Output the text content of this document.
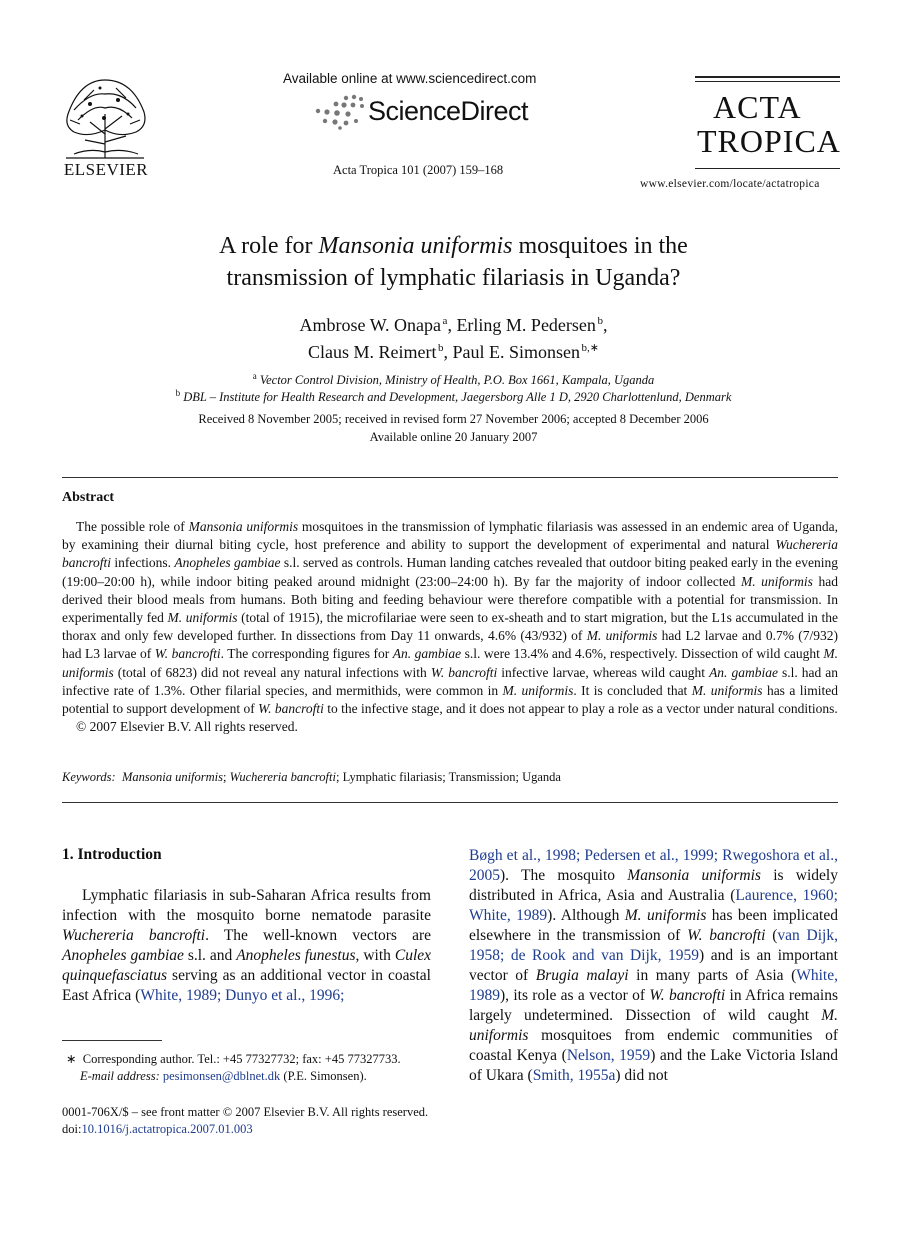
ELSEVIER
Available online at www.sciencedirect.com
ScienceDirect
Acta Tropica 101 (2007) 159–168
ACTA
TROPICA
www.elsevier.com/locate/actatropica
A role for Mansonia uniformis mosquitoes in the
transmission of lymphatic filariasis in Uganda?
Ambrose W. Onapa  $^a$, Erling M. Pedersen  $^b$,
Claus M. Reimert  $^b$, Paul E. Simonsen  $^{b,∗}$
$^a$ Vector Control Division, Ministry of Health, P.O. Box 1661, Kampala, Uganda
$^b$ DBL – Institute for Health Research and Development, Jaegersborg Alle 1 D, 2920 Charlottenlund, Denmark
Received 8 November 2005; received in revised form 27 November 2006; accepted 8 December 2006
Available online 20 January 2007
Abstract

The possible role of Mansonia uniformis mosquitoes in the transmission of lymphatic filariasis was assessed in an endemic area of Uganda, by examining their diurnal biting cycle, host preference and ability to support the development of experimental and natural Wuchereria bancrofti infections. Anopheles gambiae s.l. served as controls. Human landing catches revealed that outdoor biting peaked early in the evening (19:00–20:00 h), while indoor biting peaked around midnight (23:00–24:00 h). By far the majority of indoor collected M. uniformis had derived their blood meals from humans. Both biting and feeding behaviour were therefore compatible with a potential for transmission. In experimentally fed M. uniformis (total of 1915), the microfilariae were seen to ex-sheath and to start migration, but the L1s accumulated in the thorax and only few developed further. In dissections from Day 11 onwards, 4.6% (43/932) of M. uniformis had L2 larvae and 0.7% (7/932) had L3 larvae of W. bancrofti. The corresponding figures for An. gambiae s.l. were 13.4% and 4.6%, respectively. Dissection of wild caught M. uniformis (total of 6823) did not reveal any natural infections with W. bancrofti infective larvae, whereas wild caught An. gambiae s.l. had an infective rate of 1.3%. Other filarial species, and mermithids, were common in M. uniformis. It is concluded that M. uniformis has a limited potential to support development of W. bancrofti to the infective stage, and it does not appear to play a role as a vector under natural conditions.

© 2007 Elsevier B.V. All rights reserved.

Keywords: Mansonia uniformis; Wuchereria bancrofti; Lymphatic filariasis; Transmission; Uganda
1. Introduction

Lymphatic filariasis in sub-Saharan Africa results from infection with the mosquito borne nematode parasite Wuchereria bancrofti. The well-known vectors are Anopheles gambiae s.l. and Anopheles funestus, with Culex quinquefasciatus serving as an additional vector in coastal East Africa (White, 1989; Dunyo et al., 1996;

Bøgh et al., 1998; Pedersen et al., 1999; Rwegoshora et al., 2005). The mosquito Mansonia uniformis is widely distributed in Africa, Asia and Australia (Laurence, 1960; White, 1989). Although M. uniformis has been implicated elsewhere in the transmission of W. bancrofti (van Dijk, 1958; de Rook and van Dijk, 1959) and is an important vector of Brugia malayi in many parts of Asia (White, 1989), its role as a vector of W. bancrofti in Africa remains largely undetermined. Dissection of wild caught M. uniformis mosquitoes from endemic communities of coastal Kenya (Nelson, 1959) and the Lake Victoria Island of Ukara (Smith, 1955a) did not

∗  Corresponding author. Tel.: +45 77327732; fax: +45 77327733.
E-mail address: pesimonsen@dblnet.dk (P.E. Simonsen).
0001-706X/$ – see front matter © 2007 Elsevier B.V. All rights reserved.
doi:10.1016/j.actatropica.2007.01.003
